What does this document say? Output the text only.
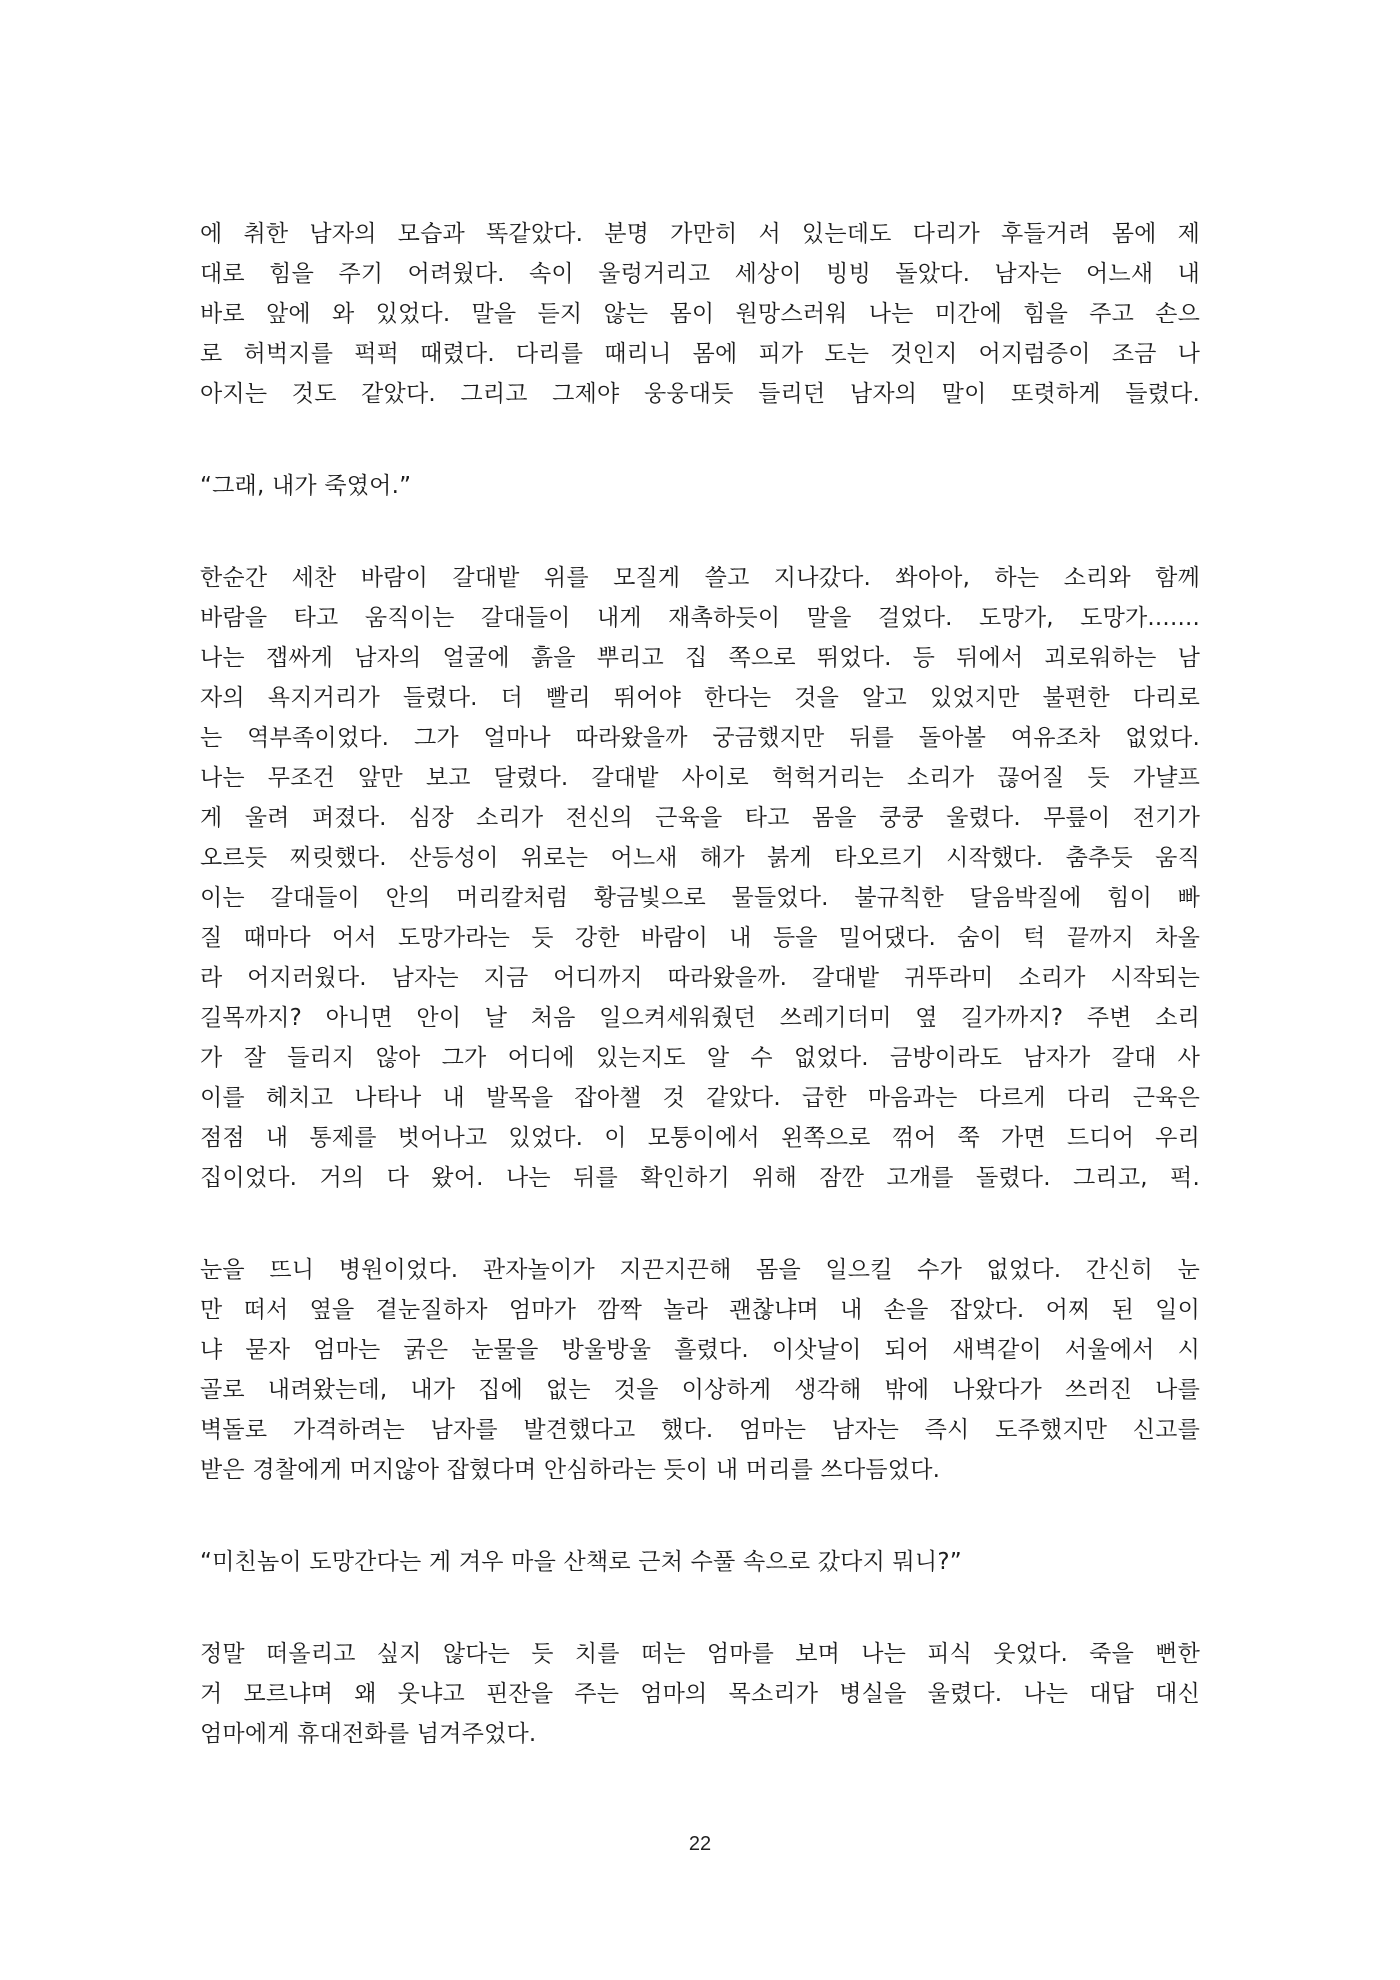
에 취한 남자의 모습과 똑같았다. 분명 가만히 서 있는데도 다리가 후들거려 몸에 제
대로 힘을 주기 어려웠다. 속이 울렁거리고 세상이 빙빙 돌았다. 남자는 어느새 내
바로 앞에 와 있었다. 말을 듣지 않는 몸이 원망스러워 나는 미간에 힘을 주고 손으
로 허벅지를 퍽퍽 때렸다. 다리를 때리니 몸에 피가 도는 것인지 어지럼증이 조금 나
아지는 것도 같았다. 그리고 그제야 웅웅대듯 들리던 남자의 말이 또렷하게 들렸다.
“그래, 내가 죽였어.”
한순간 세찬 바람이 갈대밭 위를 모질게 쓸고 지나갔다. 쏴아아, 하는 소리와 함께
바람을 타고 움직이는 갈대들이 내게 재촉하듯이 말을 걸었다. 도망가, 도망가.......
나는 잽싸게 남자의 얼굴에 흙을 뿌리고 집 쪽으로 뛰었다. 등 뒤에서 괴로워하는 남
자의 욕지거리가 들렸다. 더 빨리 뛰어야 한다는 것을 알고 있었지만 불편한 다리로
는 역부족이었다. 그가 얼마나 따라왔을까 궁금했지만 뒤를 돌아볼 여유조차 없었다.
나는 무조건 앞만 보고 달렸다. 갈대밭 사이로 헉헉거리는 소리가 끊어질 듯 가냘프
게 울려 퍼졌다. 심장 소리가 전신의 근육을 타고 몸을 쿵쿵 울렸다. 무릎이 전기가
오르듯 찌릿했다. 산등성이 위로는 어느새 해가 붉게 타오르기 시작했다. 춤추듯 움직
이는 갈대들이 안의 머리칼처럼 황금빛으로 물들었다. 불규칙한 달음박질에 힘이 빠
질 때마다 어서 도망가라는 듯 강한 바람이 내 등을 밀어댔다. 숨이 턱 끝까지 차올
라 어지러웠다. 남자는 지금 어디까지 따라왔을까. 갈대밭 귀뚜라미 소리가 시작되는
길목까지? 아니면 안이 날 처음 일으켜세워줬던 쓰레기더미 옆 길가까지? 주변 소리
가 잘 들리지 않아 그가 어디에 있는지도 알 수 없었다. 금방이라도 남자가 갈대 사
이를 헤치고 나타나 내 발목을 잡아챌 것 같았다. 급한 마음과는 다르게 다리 근육은
점점 내 통제를 벗어나고 있었다. 이 모퉁이에서 왼쪽으로 꺾어 쭉 가면 드디어 우리
집이었다. 거의 다 왔어. 나는 뒤를 확인하기 위해 잠깐 고개를 돌렸다. 그리고, 퍽.
눈을 뜨니 병원이었다. 관자놀이가 지끈지끈해 몸을 일으킬 수가 없었다. 간신히 눈
만 떠서 옆을 곁눈질하자 엄마가 깜짝 놀라 괜찮냐며 내 손을 잡았다. 어찌 된 일이
냐 묻자 엄마는 굵은 눈물을 방울방울 흘렸다. 이삿날이 되어 새벽같이 서울에서 시
골로 내려왔는데, 내가 집에 없는 것을 이상하게 생각해 밖에 나왔다가 쓰러진 나를
벽돌로 가격하려는 남자를 발견했다고 했다. 엄마는 남자는 즉시 도주했지만 신고를
받은 경찰에게 머지않아 잡혔다며 안심하라는 듯이 내 머리를 쓰다듬었다.
“미친놈이 도망간다는 게 겨우 마을 산책로 근처 수풀 속으로 갔다지 뭐니?”
정말 떠올리고 싶지 않다는 듯 치를 떠는 엄마를 보며 나는 피식 웃었다. 죽을 뻔한
거 모르냐며 왜 웃냐고 핀잔을 주는 엄마의 목소리가 병실을 울렸다. 나는 대답 대신
엄마에게 휴대전화를 넘겨주었다.
22
